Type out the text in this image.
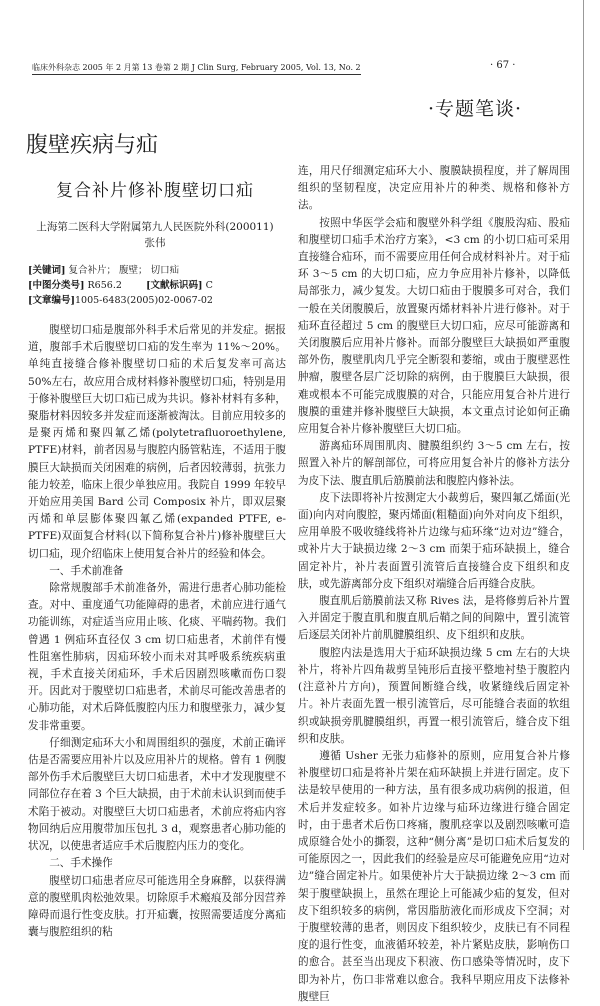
临床外科杂志 2005 年 2 月第 13 卷第 2 期 J Clin Surg, February 2005, Vol. 13, No. 2	· 67 ·
·专题笔谈·
腹壁疾病与疝
复合补片修补腹壁切口疝
上海第二医科大学附属第九人民医院外科(200011)
张伟
[关键词] 复合补片； 腹壁； 切口疝
[中图分类号] R656.2	[文献标识码] C
[文章编号]1005-6483(2005)02-0067-02

腹壁切口疝是腹部外科手术后常见的并发症。据报道，腹部手术后腹壁切口疝的发生率为 11%～20%。单纯直接缝合修补腹壁切口疝的术后复发率可高达 50%左右，故应用合成材料修补腹壁切口疝，特别是用于修补腹壁巨大切口疝已成为共识。修补材料有多种，聚脂材料因较多并发症而逐渐被淘汰。目前应用较多的是聚丙烯和聚四氟乙烯(polytetrafluoroethylene, PTFE)材料，前者因易与腹腔内肠管粘连，不适用于腹膜巨大缺损而关闭困难的病例，后者因较薄弱，抗张力能力较差，临床上很少单独应用。我院自 1999 年较早开始应用美国 Bard 公司 Composix 补片，即双层聚丙烯和单层膨体聚四氟乙烯(expanded PTFE, e-PTFE)双面复合材料(以下简称复合补片)修补腹壁巨大切口疝，现介绍临床上使用复合补片的经验和体会。

一、手术前准备

除常规腹部手术前准备外，需进行患者心肺功能检查。对中、重度通气功能障碍的患者，术前应进行通气功能训练，对症适当应用止咳、化痰、平喘药物。我们曾遇 1 例疝环直径仅 3 cm 切口疝患者，术前伴有慢性阻塞性肺病，因疝环较小而未对其呼吸系统疾病重视，手术直接关闭疝环，手术后因剧烈咳嗽而伤口裂开。因此对于腹壁切口疝患者，术前尽可能改善患者的心肺功能，对术后降低腹腔内压力和腹壁张力，减少复发非常重要。

仔细测定疝环大小和周围组织的强度，术前正确评估是否需要应用补片以及应用补片的规格。曾有 1 例腹部外伤手术后腹壁巨大切口疝患者，术中才发现腹壁不同部位存在着 3 个巨大缺损，由于术前未认识到而使手术陷于被动。对腹壁巨大切口疝患者，术前应将疝内容物回纳后应用腹带加压包扎 3 d，观察患者心肺功能的状况，以使患者适应手术后腹腔内压力的变化。

二、手术操作

腹壁切口疝患者应尽可能选用全身麻醉，以获得满意的腹壁肌肉松弛效果。切除原手术瘢痕及部分因营养障碍而退行性变皮肤。打开疝囊，按照需要适度分离疝囊与腹腔组织的粘

连，用尺仔细测定疝环大小、腹膜缺损程度，并了解周围组织的坚韧程度，决定应用补片的种类、规格和修补方法。

按照中华医学会疝和腹壁外科学组《腹股沟疝、股疝和腹壁切口疝手术治疗方案》，<3 cm 的小切口疝可采用直接缝合疝环，而不需要应用任何合成材料补片。对于疝环 3～5 cm 的大切口疝，应力争应用补片修补，以降低局部张力，减少复发。大切口疝由于腹膜多可对合，我们一般在关闭腹膜后，放置聚丙烯材料补片进行修补。对于疝环直径超过 5 cm 的腹壁巨大切口疝，应尽可能游离和关闭腹膜后应用补片修补。而部分腹壁巨大缺损如严重腹部外伤，腹壁肌肉几乎完全断裂和萎缩，或由于腹壁恶性肿瘤，腹壁各层广泛切除的病例，由于腹膜巨大缺损，很难或根本不可能完成腹膜的对合，只能应用复合补片进行腹膜的重建并修补腹壁巨大缺损，本文重点讨论如何正确应用复合补片修补腹壁巨大切口疝。

游离疝环周围肌肉、腱膜组织约 3～5 cm 左右，按照置入补片的解剖部位，可将应用复合补片的修补方法分为皮下法、腹直肌后筋膜前法和腹腔内修补法。

皮下法即将补片按测定大小裁剪后，聚四氟乙烯面(光面)向内对向腹腔，聚丙烯面(粗糙面)向外对向皮下组织，应用单股不吸收缝线将补片边缘与疝环缘“边对边”缝合，或补片大于缺损边缘 2～3 cm 而架于疝环缺损上，缝合固定补片，补片表面置引流管后直接缝合皮下组织和皮肤，或先游离部分皮下组织对端缝合后再缝合皮肤。

腹直肌后筋膜前法又称 Rives 法，是将修剪后补片置入并固定于腹直肌和腹直肌后鞘之间的间隙中，置引流管后逐层关闭补片前肌腱膜组织、皮下组织和皮肤。

腹腔内法是选用大于疝环缺损边缘 5 cm 左右的大块补片，将补片四角裁剪呈钝形后直接平整地衬垫于腹腔内(注意补片方向)，预置间断缝合线，收紧缝线后固定补片。补片表面先置一根引流管后，尽可能缝合表面的软组织或缺损旁肌腱膜组织，再置一根引流管后，缝合皮下组织和皮肤。

遵循 Usher 无张力疝修补的原则，应用复合补片修补腹壁切口疝是将补片架在疝环缺损上并进行固定。皮下法是较早使用的一种方法，虽有很多成功病例的报道，但术后并发症较多。如补片边缘与疝环边缘进行缝合固定时，由于患者术后伤口疼痛，腹肌痉挛以及剧烈咳嗽可造成原缝合处小的撕裂，这种“侧分离”是切口疝术后复发的可能原因之一，因此我们的经验是应尽可能避免应用“边对边”缝合固定补片。如果使补片大于缺损边缘 2～3 cm 而架于腹壁缺损上，虽然在理论上可能减少疝的复发，但对皮下组织较多的病例，常因脂肪液化而形成皮下空洞；对于腹壁较薄的患者，则因皮下组织较少，皮肤已有不同程度的退行性变，血液循环较差，补片紧贴皮肤，影响伤口的愈合。甚至当出现皮下积液、伤口感染等情况时，皮下即为补片，伤口非常难以愈合。我科早期应用皮下法修补腹壁巨
